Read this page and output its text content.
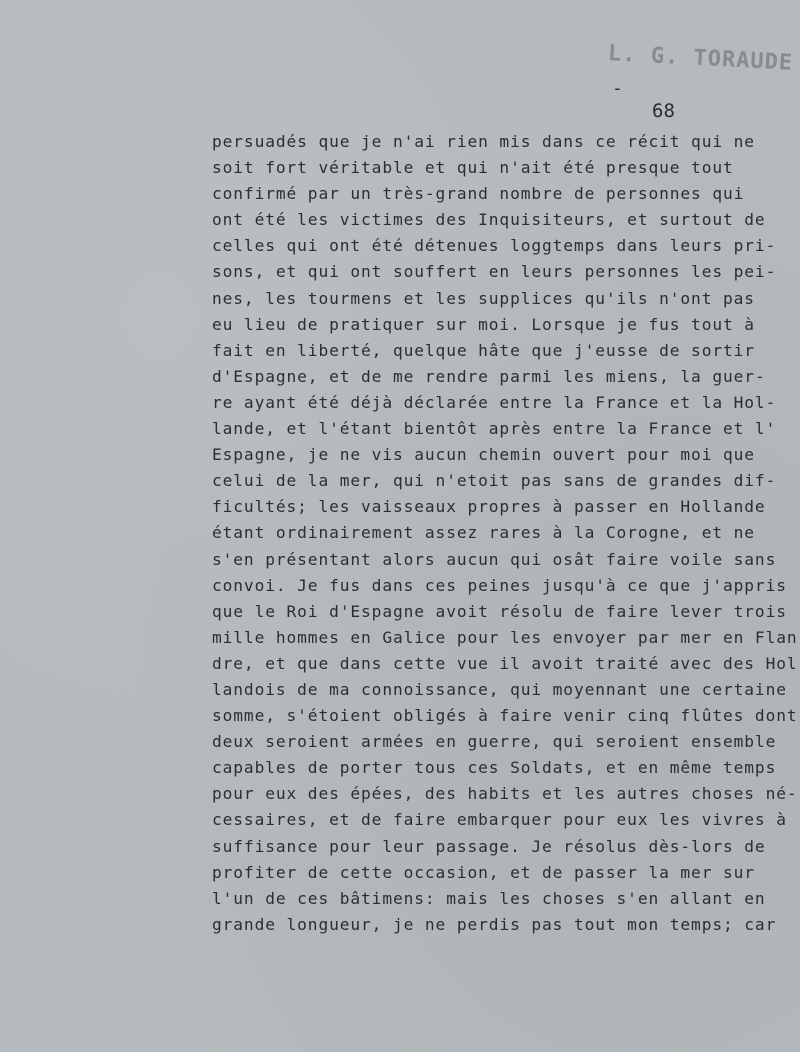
L. G. TORAUDE
-
68
persuadés que je n'ai rien mis dans ce récit qui ne
soit fort véritable et qui n'ait été presque tout
confirmé par un très-grand nombre de personnes qui
ont été les victimes des Inquisiteurs, et surtout de
celles qui ont été détenues loggtemps dans leurs pri-
sons, et qui ont souffert en leurs personnes les pei-
nes, les tourmens et les supplices qu'ils n'ont pas
eu lieu de pratiquer sur moi. Lorsque je fus tout à
fait en liberté, quelque hâte que j'eusse de sortir
d'Espagne, et de me rendre parmi les miens, la guer-
re ayant été déjà déclarée entre la France et la Hol-
lande, et l'étant bientôt après entre la France et l'
Espagne, je ne vis aucun chemin ouvert pour moi que
celui de la mer, qui n'etoit pas sans de grandes dif-
ficultés; les vaisseaux propres à passer en Hollande
étant ordinairement assez rares à la Corogne, et ne
s'en présentant alors aucun qui osât faire voile sans
convoi. Je fus dans ces peines jusqu'à ce que j'appris
que le Roi d'Espagne avoit résolu de faire lever trois
mille hommes en Galice pour les envoyer par mer en Flan
dre, et que dans cette vue il avoit traité avec des Hol
landois de ma connoissance, qui moyennant une certaine
somme, s'étoient obligés à faire venir cinq flûtes dont
deux seroient armées en guerre, qui seroient ensemble
capables de porter tous ces Soldats, et en même temps
pour eux des épées, des habits et les autres choses né-
cessaires, et de faire embarquer pour eux les vivres à
suffisance pour leur passage. Je résolus dès-lors de
profiter de cette occasion, et de passer la mer sur
l'un de ces bâtimens: mais les choses s'en allant en
grande longueur, je ne perdis pas tout mon temps; car
